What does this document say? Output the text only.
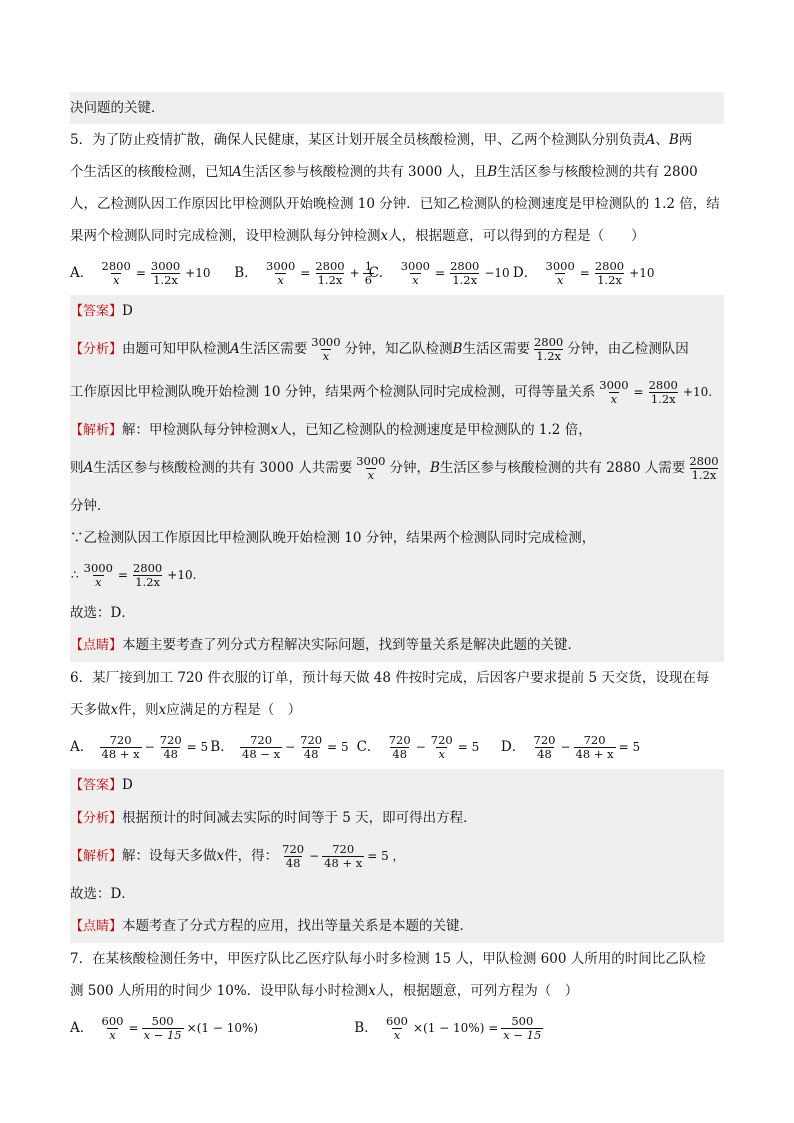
决问题的关键．
5．为了防止疫情扩散，确保人民健康，某区计划开展全员核酸检测，甲、乙两个检测队分别负责A、B两
个生活区的核酸检测，已知A生活区参与核酸检测的共有 3000 人，且B生活区参与核酸检测的共有 2800
人，乙检测队因工作原因比甲检测队开始晚检测 10 分钟．已知乙检测队的检测速度是甲检测队的 1.2 倍，结
果两个检测队同时完成检测，设甲检测队每分钟检测x人，根据题意，可以得到的方程是（　　）
A． $\frac{2800}{x} = \frac{3000}{1.2x} +10$ B． $\frac{3000}{x} = \frac{2800}{1.2x} + \frac{1}{6}$
C． $\frac{3000}{x} = \frac{2800}{1.2x} -10$ D． $\frac{3000}{x} = \frac{2800}{1.2x} +10$
【答案】D
【分析】由题可知甲队检测A生活区需要 $\frac{3000}{x}$ 分钟，知乙队检测B生活区需要 $\frac{2800}{1.2x}$ 分钟，由乙检测队因
工作原因比甲检测队晚开始检测 10 分钟，结果两个检测队同时完成检测，可得等量关系 $\frac{3000}{x} = \frac{2800}{1.2x} +10$.
【解析】解：甲检测队每分钟检测x人，已知乙检测队的检测速度是甲检测队的 1.2 倍，
则A生活区参与核酸检测的共有 3000 人共需要 $\frac{3000}{x}$ 分钟，B生活区参与核酸检测的共有 2880 人需要 $\frac{2800}{1.2x}$
分钟．
∵乙检测队因工作原因比甲检测队晚开始检测 10 分钟，结果两个检测队同时完成检测，
∴ $\frac{3000}{x} = \frac{2800}{1.2x} +10$.
故选：D．
【点睛】本题主要考查了列分式方程解决实际问题，找到等量关系是解决此题的关键．
6．某厂接到加工 720 件衣服的订单，预计每天做 48 件按时完成，后因客户要求提前 5 天交货，设现在每
天多做x件，则x应满足的方程是（　）
A． $\frac{720}{48 + x} - \frac{720}{48} = 5$ B． $\frac{720}{48 - x} - \frac{720}{48} = 5$ C． $\frac{720}{48} - \frac{720}{x} = 5$ D． $\frac{720}{48} - \frac{720}{48 + x} = 5$
【答案】D
【分析】根据预计的时间减去实际的时间等于 5 天，即可得出方程．
【解析】解：设每天多做x件，得： $\frac{720}{48} - \frac{720}{48 + x} = 5$ ，
故选：D．
【点睛】本题考查了分式方程的应用，找出等量关系是本题的关键．
7．在某核酸检测任务中，甲医疗队比乙医疗队每小时多检测 15 人，甲队检测 600 人所用的时间比乙队检
测 500 人所用的时间少 10%．设甲队每小时检测x人，根据题意，可列方程为（　）
A． $\frac{600}{x} = \frac{500}{x - 15} \times(1 - 10\%)$	B． $\frac{600}{x} \times(1 - 10\%) = \frac{500}{x - 15}$
